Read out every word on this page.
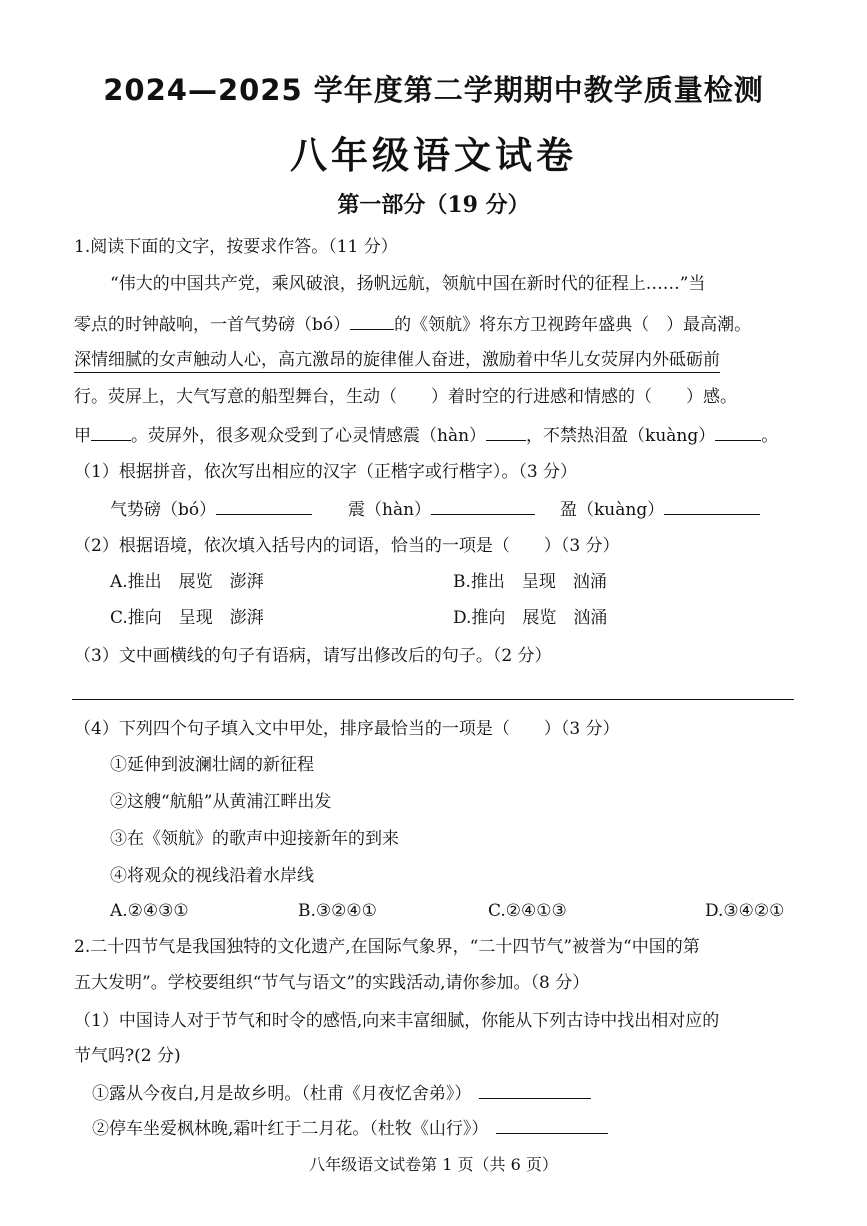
2024—2025 学年度第二学期期中教学质量检测
八年级语文试卷
第一部分（19 分）
1.阅读下面的文字，按要求作答。（11 分）
“伟大的中国共产党，乘风破浪，扬帆远航，领航中国在新时代的征程上……”当
零点的时钟敲响，一首气势磅（bó）	的《领航》将东方卫视跨年盛典（　）最高潮。
深情细腻的女声触动人心，高亢激昂的旋律催人奋进，激励着中华儿女荧屏内外砥砺前
行。荧屏上，大气写意的船型舞台，生动（　　）着时空的行进感和情感的（　　）感。
甲 。荧屏外，很多观众受到了心灵情感震（hàn） ，不禁热泪盈（kuàng）	。
（1）根据拼音，依次写出相应的汉字（正楷字或行楷字）。（3 分）
气势磅（bó）	震（hàn）	盈（kuàng）
（2）根据语境，依次填入括号内的词语，恰当的一项是（　　）（3 分）
A.推出　展览　澎湃	B.推出　呈现　汹涌
C.推向　呈现　澎湃	D.推向　展览　汹涌
（3）文中画横线的句子有语病，请写出修改后的句子。（2 分）
（4）下列四个句子填入文中甲处，排序最恰当的一项是（　　）（3 分）
①延伸到波澜壮阔的新征程
②这艘“航船”从黄浦江畔出发
③在《领航》的歌声中迎接新年的到来
④将观众的视线沿着水岸线
A.②④③①	B.③②④①	C.②④①③	D.③④②①
2.二十四节气是我国独特的文化遗产,在国际气象界，“二十四节气”被誉为“中国的第
五大发明”。学校要组织“节气与语文”的实践活动,请你参加。（8 分）
（1）中国诗人对于节气和时令的感悟,向来丰富细腻，你能从下列古诗中找出相对应的
节气吗?(2 分)
①露从今夜白,月是故乡明。（杜甫《月夜忆舍弟》）
②停车坐爱枫林晚,霜叶红于二月花。（杜牧《山行》）
八年级语文试卷第 1 页（共 6 页）
